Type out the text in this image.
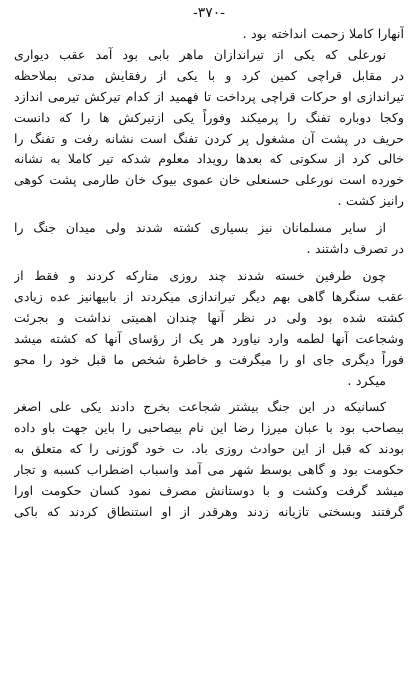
-۳۷۰-
آنهارا کاملا زحمت انداخته بود .
نورعلی که یکی از تیراندازان ماهر بابی بود آمد عقب دیواری
در مقابل قراچی کمین کرد و با یکی از رفقایش مدتی بملاحظه
تیراندازی او حرکات قراچی پرداخت تا فهمید از کدام تیرکش تیرمی اندازد
وکجا دوباره تفنگ را پرمیکند وفوراً یکی ازتیرکش ها را که دانست
حریف در پشت آن مشغول پر کردن تفنگ است نشانه رفت و تفنگ را
خالی کرد از سکوتی که بعدها رویداد معلوم شدکه تیر کاملا به نشانه
خورده است نورعلی حسنعلی خان عموی بیوک خان طارمی پشت کوهی
رانیز کشت .
از سایر مسلمانان نیز بسیاری کشته شدند ولی میدان جنگ را
در تصرف داشتند .
چون طرفین خسته شدند چند روزی متارکه کردند و فقط از
عقب سنگرها گاهی بهم دیگر تیراندازی میکردند از بابیهانیز عده زیادی
کشته شده بود ولی در نظر آنها چندان اهمیتی نداشت و بجرئت
وشجاعت آنها لطمه وارد نیاورد هر یک از رؤسای آنها که کشته میشد
فوراً دیگری جای او را میگرفت و خاطرهٔ شخص ما قبل خود را محو
میکرد .
کسانیکه در این جنگ بیشتر شجاعت بخرج دادند یکی علی اصغر
بیصاحب بود با عبان میرزا رضا این نام بیصاحبی را باین جهت باو داده
بودند که قبل از این حوادث روزی باد. ت خود گوزنی را که متعلق به
حکومت بود و گاهی بوسط شهر می آمد واسباب اضطراب کسبه و تجار
میشد گرفت وکشت و با دوستانش مصرف نمود کسان حکومت اورا
گرفتند وبسختی تازیانه زدند وهرقدر از او استنطاق کردند که باکی
